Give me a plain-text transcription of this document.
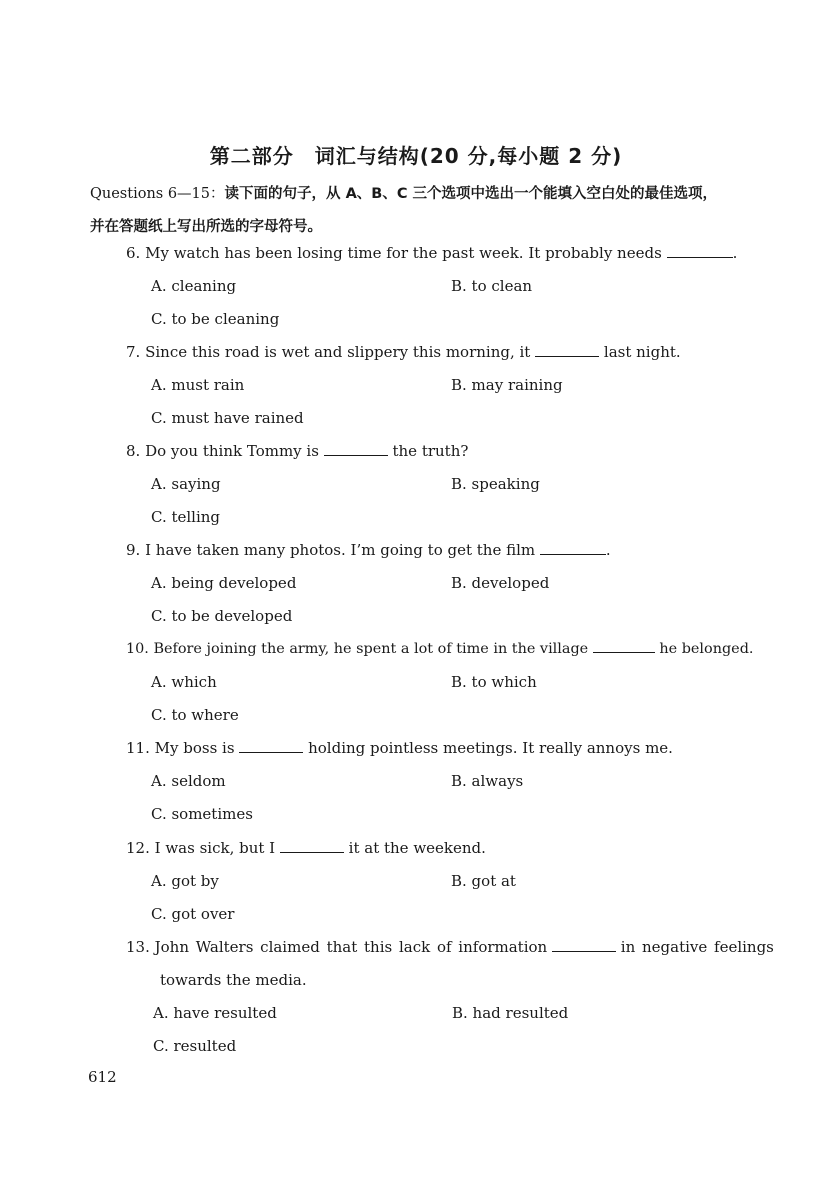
第二部分　词汇与结构(20 分,每小题 2 分)
Questions 6—15：读下面的句子，从 A、B、C 三个选项中选出一个能填入空白处的最佳选项，
并在答题纸上写出所选的字母符号。
6. My watch has been losing time for the past week. It probably needs	.
A. cleaning	B. to clean
C. to be cleaning
7. Since this road is wet and slippery this morning, it	last night.
A. must rain	B. may raining
C. must have rained
8. Do you think Tommy is	the truth?
A. saying	B. speaking
C. telling
9. I have taken many photos. I’m going to get the film	.
A. being developed	B. developed
C. to be developed
10. Before joining the army, he spent a lot of time in the village	he belonged.
A. which	B. to which
C. to where
11. My boss is	holding pointless meetings. It really annoys me.
A. seldom	B. always
C. sometimes
12. I was sick, but I	it at the weekend.
A. got by	B. got at
C. got over
13. John Walters claimed that this lack of information	in negative feelings
towards the media.
A. have resulted	B. had resulted
C. resulted
612
